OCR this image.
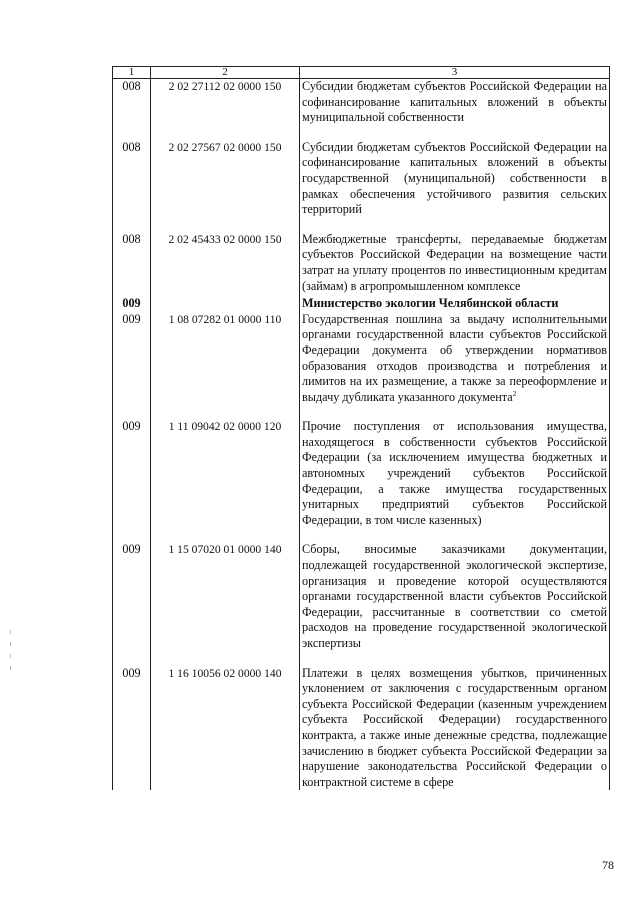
1	2	3
008	2 02 27112 02 0000 150	Субсидии бюджетам субъектов Российской Федерации на софинансирование капитальных вложений в объекты муниципальной собственности
008	2 02 27567 02 0000 150	Субсидии бюджетам субъектов Российской Федерации на софинансирование капитальных вложений в объекты государственной (муниципальной) собственности в рамках обеспечения устойчивого развития сельских территорий
008	2 02 45433 02 0000 150	Межбюджетные трансферты, передаваемые бюджетам субъектов Российской Федерации на возмещение части затрат на уплату процентов по инвестиционным кредитам (займам) в агропромышленном комплексе
009		Министерство экологии Челябинской области
009	1 08 07282 01 0000 110	Государственная пошлина за выдачу исполнительными органами государственной власти субъектов Российской Федерации документа об утверждении нормативов образования отходов производства и потребления и лимитов на их размещение, а также за переоформление и выдачу дубликата указанного документа$^2$
009	1 11 09042 02 0000 120	Прочие поступления от использования имущества, находящегося в собственности субъектов Российской Федерации (за исключением имущества бюджетных и автономных учреждений субъектов Российской Федерации, а также имущества государственных унитарных предприятий субъектов Российской Федерации, в том числе казенных)
009	1 15 07020 01 0000 140	Сборы, вносимые заказчиками документации, подлежащей государственной экологической экспертизе, организация и проведение которой осуществляются органами государственной власти субъектов Российской Федерации, рассчитанные в соответствии со сметой расходов на проведение государственной экологической экспертизы
009	1 16 10056 02 0000 140	Платежи в целях возмещения убытков, причиненных уклонением от заключения с государственным органом субъекта Российской Федерации (казенным учреждением субъекта Российской Федерации) государственного контракта, а также иные денежные средства, подлежащие зачислению в бюджет субъекта Российской Федерации за нарушение законодательства Российской Федерации о контрактной системе в сфере
78
